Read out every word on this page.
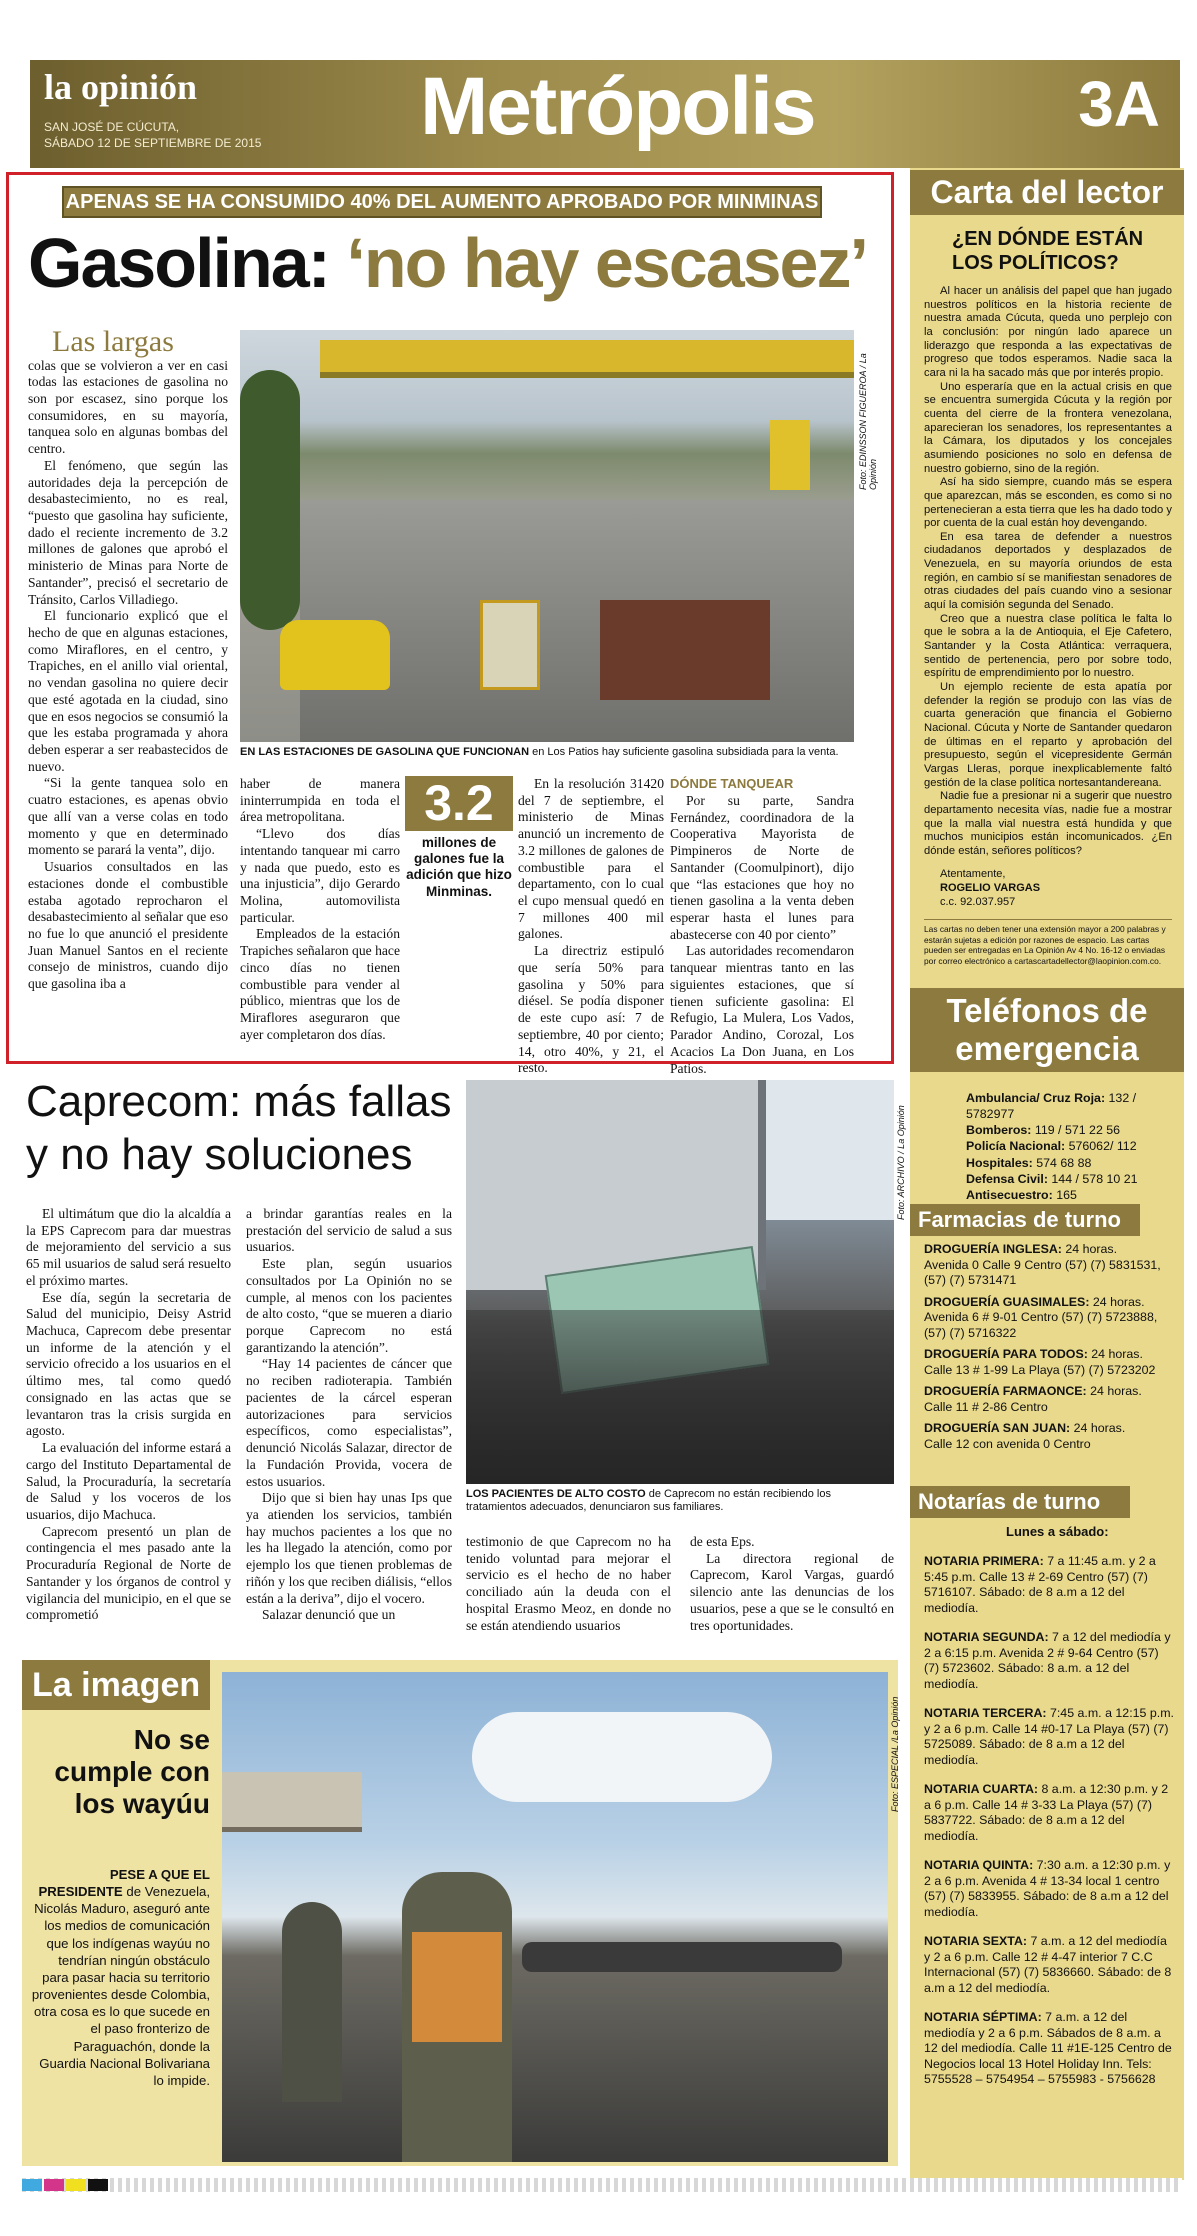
la opinión
SAN JOSÉ DE CÚCUTA,
SÁBADO 12 DE SEPTIEMBRE DE 2015 Metrópolis	3A
APENAS SE HA CONSUMIDO 40% DEL AUMENTO APROBADO POR MINMINAS
Gasolina: ‘no hay escasez’
Las largas

colas que se volvieron a ver en casi todas las estaciones de gasolina no son por escasez, sino porque los consumidores, en su mayoría, tanquea solo en algunas bombas del centro.

El fenómeno, que según las autoridades deja la percepción de desabastecimiento, no es real, “puesto que gasolina hay suficiente, dado el reciente incremento de 3.2 millones de galones que aprobó el ministerio de Minas para Norte de Santander”, precisó el secretario de Tránsito, Carlos Villadiego.

El funcionario explicó que el hecho de que en algunas estaciones, como Miraflores, en el centro, y Trapiches, en el anillo vial oriental, no vendan gasolina no quiere decir que esté agotada en la ciudad, sino que en esos negocios se consumió la que les estaba programada y ahora deben esperar a ser reabastecidos de nuevo.

“Si la gente tanquea solo en cuatro estaciones, es apenas obvio que allí van a verse colas en todo momento y que en determinado momento se parará la venta”, dijo.

Usuarios consultados en las estaciones donde el combustible estaba agotado reprocharon el desabastecimiento al señalar que eso no fue lo que anunció el presidente Juan Manuel Santos en el reciente consejo de ministros, cuando dijo que gasolina iba a

Foto: EDINSSON FIGUEROA / La Opinión
EN LAS ESTACIONES DE GASOLINA QUE FUNCIONAN en Los Patios hay suficiente gasolina subsidiada para la venta.

haber de manera ininterrumpida en toda el área metropolitana.

“Llevo dos días intentando tanquear mi carro y nada que puedo, esto es una injusticia”, dijo Gerardo Molina, automovilista particular.

Empleados de la estación Trapiches señalaron que hace cinco días no tienen combustible para vender al público, mientras que los de Miraflores aseguraron que ayer completaron dos días.

3.2
millones de galones fue la adición que hizo Minminas.

En la resolución 31420 del 7 de septiembre, el ministerio de Minas anunció un incremento de 3.2 millones de galones de combustible para el departamento, con lo cual el cupo mensual quedó en 7 millones 400 mil galones.

La directriz estipuló que sería 50% para gasolina y 50% para diésel. Se podía disponer de este cupo así: 7 de septiembre, 40 por ciento; 14, otro 40%, y 21, el resto.

DÓNDE TANQUEAR

Por su parte, Sandra Fernández, coordinadora de la Cooperativa Mayorista de Pimpineros de Norte de Santander (Coomulpinort), dijo que “las estaciones que hoy no tienen gasolina a la venta deben esperar hasta el lunes para abastecerse con 40 por ciento”

Las autoridades recomendaron tanquear mientras tanto en las siguientes estaciones, que sí tienen suficiente gasolina: El Refugio, La Mulera, Los Vados, Parador Andino, Corozal, Los Acacios La Don Juana, en Los Patios.

Caprecom: más fallas
y no hay soluciones

El ultimátum que dio la alcaldía a la EPS Caprecom para dar muestras de mejoramiento del servicio a sus 65 mil usuarios de salud será resuelto el próximo martes.

Ese día, según la secretaria de Salud del municipio, Deisy Astrid Machuca, Caprecom debe presentar un informe de la atención y el servicio ofrecido a los usuarios en el último mes, tal como quedó consignado en las actas que se levantaron tras la crisis surgida en agosto.

La evaluación del informe estará a cargo del Instituto Departamental de Salud, la Procuraduría, la secretaría de Salud y los voceros de los usuarios, dijo Machuca.

Caprecom presentó un plan de contingencia el mes pasado ante la Procuraduría Regional de Norte de Santander y los órganos de control y vigilancia del municipio, en el que se comprometió

a brindar garantías reales en la prestación del servicio de salud a sus usuarios.

Este plan, según usuarios consultados por La Opinión no se cumple, al menos con los pacientes de alto costo, “que se mueren a diario porque Caprecom no está garantizando la atención”.

“Hay 14 pacientes de cáncer que no reciben radioterapia. También pacientes de la cárcel esperan autorizaciones para servicios específicos, como especialistas”, denunció Nicolás Salazar, director de la Fundación Provida, vocera de estos usuarios.

Dijo que si bien hay unas Ips que ya atienden los servicios, también hay muchos pacientes a los que no les ha llegado la atención, como por ejemplo los que tienen problemas de riñón y los que reciben diálisis, “ellos están a la deriva”, dijo el vocero.

Salazar denunció que un

Foto: ARCHIVO / La Opinión
LOS PACIENTES DE ALTO COSTO de Caprecom no están recibiendo los tratamientos adecuados, denunciaron sus familiares.

testimonio de que Caprecom no ha tenido voluntad para mejorar el servicio es el hecho de no haber conciliado aún la deuda con el hospital Erasmo Meoz, en donde no se están atendiendo usuarios

de esta Eps.

La directora regional de Caprecom, Karol Vargas, guardó silencio ante las denuncias de los usuarios, pese a que se le consultó en tres oportunidades.

La imagen
No se cumple con los wayúu
PESE A QUE EL PRESIDENTE de Venezuela, Nicolás Maduro, aseguró ante los medios de comunicación que los indígenas wayúu no tendrían ningún obstáculo para pasar hacia su territorio provenientes desde Colombia, otra cosa es lo que sucede en el paso fronterizo de Paraguachón, donde la Guardia Nacional Bolivariana lo impide.
Foto: ESPECIAL /La Opinión
Carta del lector
¿EN DÓNDE ESTÁN LOS POLÍTICOS?

Al hacer un análisis del papel que han jugado nuestros políticos en la historia reciente de nuestra amada Cúcuta, queda uno perplejo con la conclusión: por ningún lado aparece un liderazgo que responda a las expectativas de progreso que todos esperamos. Nadie saca la cara ni la ha sacado más que por interés propio.

Uno esperaría que en la actual crisis en que se encuentra sumergida Cúcuta y la región por cuenta del cierre de la frontera venezolana, aparecieran los senadores, los representantes a la Cámara, los diputados y los concejales asumiendo posiciones no solo en defensa de nuestro gobierno, sino de la región.

Así ha sido siempre, cuando más se espera que aparezcan, más se esconden, es como si no pertenecieran a esta tierra que les ha dado todo y por cuenta de la cual están hoy devengando.

En esa tarea de defender a nuestros ciudadanos deportados y desplazados de Venezuela, en su mayoría oriundos de esta región, en cambio sí se manifiestan senadores de otras ciudades del país cuando vino a sesionar aquí la comisión segunda del Senado.

Creo que a nuestra clase política le falta lo que le sobra a la de Antioquia, el Eje Cafetero, Santander y la Costa Atlántica: verraquera, sentido de pertenencia, pero por sobre todo, espíritu de emprendimiento por lo nuestro.

Un ejemplo reciente de esta apatía por defender la región se produjo con las vías de cuarta generación que financia el Gobierno Nacional. Cúcuta y Norte de Santander quedaron de últimas en el reparto y aprobación del presupuesto, según el vicepresidente Germán Vargas Lleras, porque inexplicablemente faltó gestión de la clase política nortesantandereana.

Nadie fue a presionar ni a sugerir que nuestro departamento necesita vías, nadie fue a mostrar que la malla vial nuestra está hundida y que muchos municipios están incomunicados. ¿En dónde están, señores políticos?

Atentamente,
ROGELIO VARGAS
c.c. 92.037.957
Las cartas no deben tener una extensión mayor a 200 palabras y estarán sujetas a edición por razones de espacio. Las cartas pueden ser entregadas en La Opinión Av 4 No. 16-12 o enviadas por correo electrónico a cartascartadellector@laopinion.com.co.
Teléfonos de emergencia
Ambulancia/ Cruz Roja: 132 / 5782977
Bomberos: 119 / 571 22 56
Policía Nacional: 576062/ 112
Hospitales: 574 68 88
Defensa Civil: 144 / 578 10 21
Antisecuestro: 165
Farmacias de turno
DROGUERÍA INGLESA: 24 horas.
Avenida 0 Calle 9 Centro (57) (7) 5831531, (57) (7) 5731471
DROGUERÍA GUASIMALES: 24 horas.
Avenida 6 # 9-01 Centro (57) (7) 5723888, (57) (7) 5716322
DROGUERÍA PARA TODOS: 24 horas.
Calle 13 # 1-99 La Playa (57) (7) 5723202
DROGUERÍA FARMAONCE: 24 horas.
Calle 11 # 2-86 Centro
DROGUERÍA SAN JUAN: 24 horas.
Calle 12 con avenida 0 Centro
Notarías de turno
Lunes a sábado:
NOTARIA PRIMERA: 7 a 11:45 a.m. y 2 a 5:45 p.m. Calle 13 # 2-69 Centro (57) (7) 5716107. Sábado: de 8 a.m a 12 del mediodía.
NOTARIA SEGUNDA: 7 a 12 del mediodía y 2 a 6:15 p.m. Avenida 2 # 9-64 Centro (57) (7) 5723602. Sábado: 8 a.m. a 12 del mediodía.
NOTARIA TERCERA: 7:45 a.m. a 12:15 p.m. y 2 a 6 p.m. Calle 14 #0-17 La Playa (57) (7) 5725089. Sábado: de 8 a.m a 12 del mediodía.
NOTARIA CUARTA: 8 a.m. a 12:30 p.m. y 2 a 6 p.m. Calle 14 # 3-33 La Playa (57) (7) 5837722. Sábado: de 8 a.m a 12 del mediodía.
NOTARIA QUINTA: 7:30 a.m. a 12:30 p.m. y 2 a 6 p.m. Avenida 4 # 13-34 local 1 centro (57) (7) 5833955. Sábado: de 8 a.m a 12 del mediodía.
NOTARIA SEXTA: 7 a.m. a 12 del mediodía y 2 a 6 p.m. Calle 12 # 4-47 interior 7 C.C Internacional (57) (7) 5836660. Sábado: de 8 a.m a 12 del mediodía.
NOTARIA SÉPTIMA: 7 a.m. a 12 del mediodía y 2 a 6 p.m. Sábados de 8 a.m. a 12 del mediodía. Calle 11 #1E-125 Centro de Negocios local 13 Hotel Holiday Inn. Tels: 5755528 – 5754954 – 5755983 - 5756628
